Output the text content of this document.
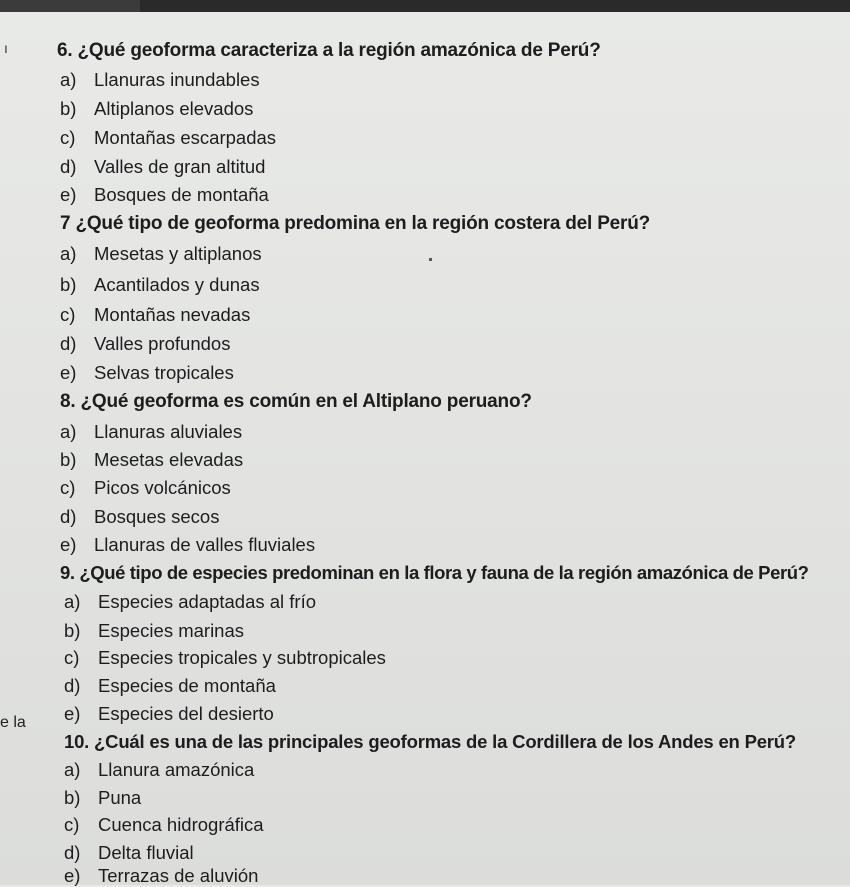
ı	6. ¿Qué geoforma caracteriza a la región amazónica de Perú?
a) Llanuras inundables
b) Altiplanos elevados
c) Montañas escarpadas
d) Valles de gran altitud
e) Bosques de montaña
7 ¿Qué tipo de geoforma predomina en la región costera del Perú?
a) Mesetas y altiplanos
b) Acantilados y dunas
c) Montañas nevadas
d) Valles profundos
e) Selvas tropicales
8. ¿Qué geoforma es común en el Altiplano peruano?
a) Llanuras aluviales
b) Mesetas elevadas
c) Picos volcánicos
d) Bosques secos
e) Llanuras de valles fluviales
9. ¿Qué tipo de especies predominan en la flora y fauna de la región amazónica de Perú?
a) Especies adaptadas al frío
b) Especies marinas
c) Especies tropicales y subtropicales
d) Especies de montaña
e) Especies del desierto
e la
10. ¿Cuál es una de las principales geoformas de la Cordillera de los Andes en Perú?
a) Llanura amazónica
b) Puna
c) Cuenca hidrográfica
d) Delta fluvial
e) Terrazas de aluvión
